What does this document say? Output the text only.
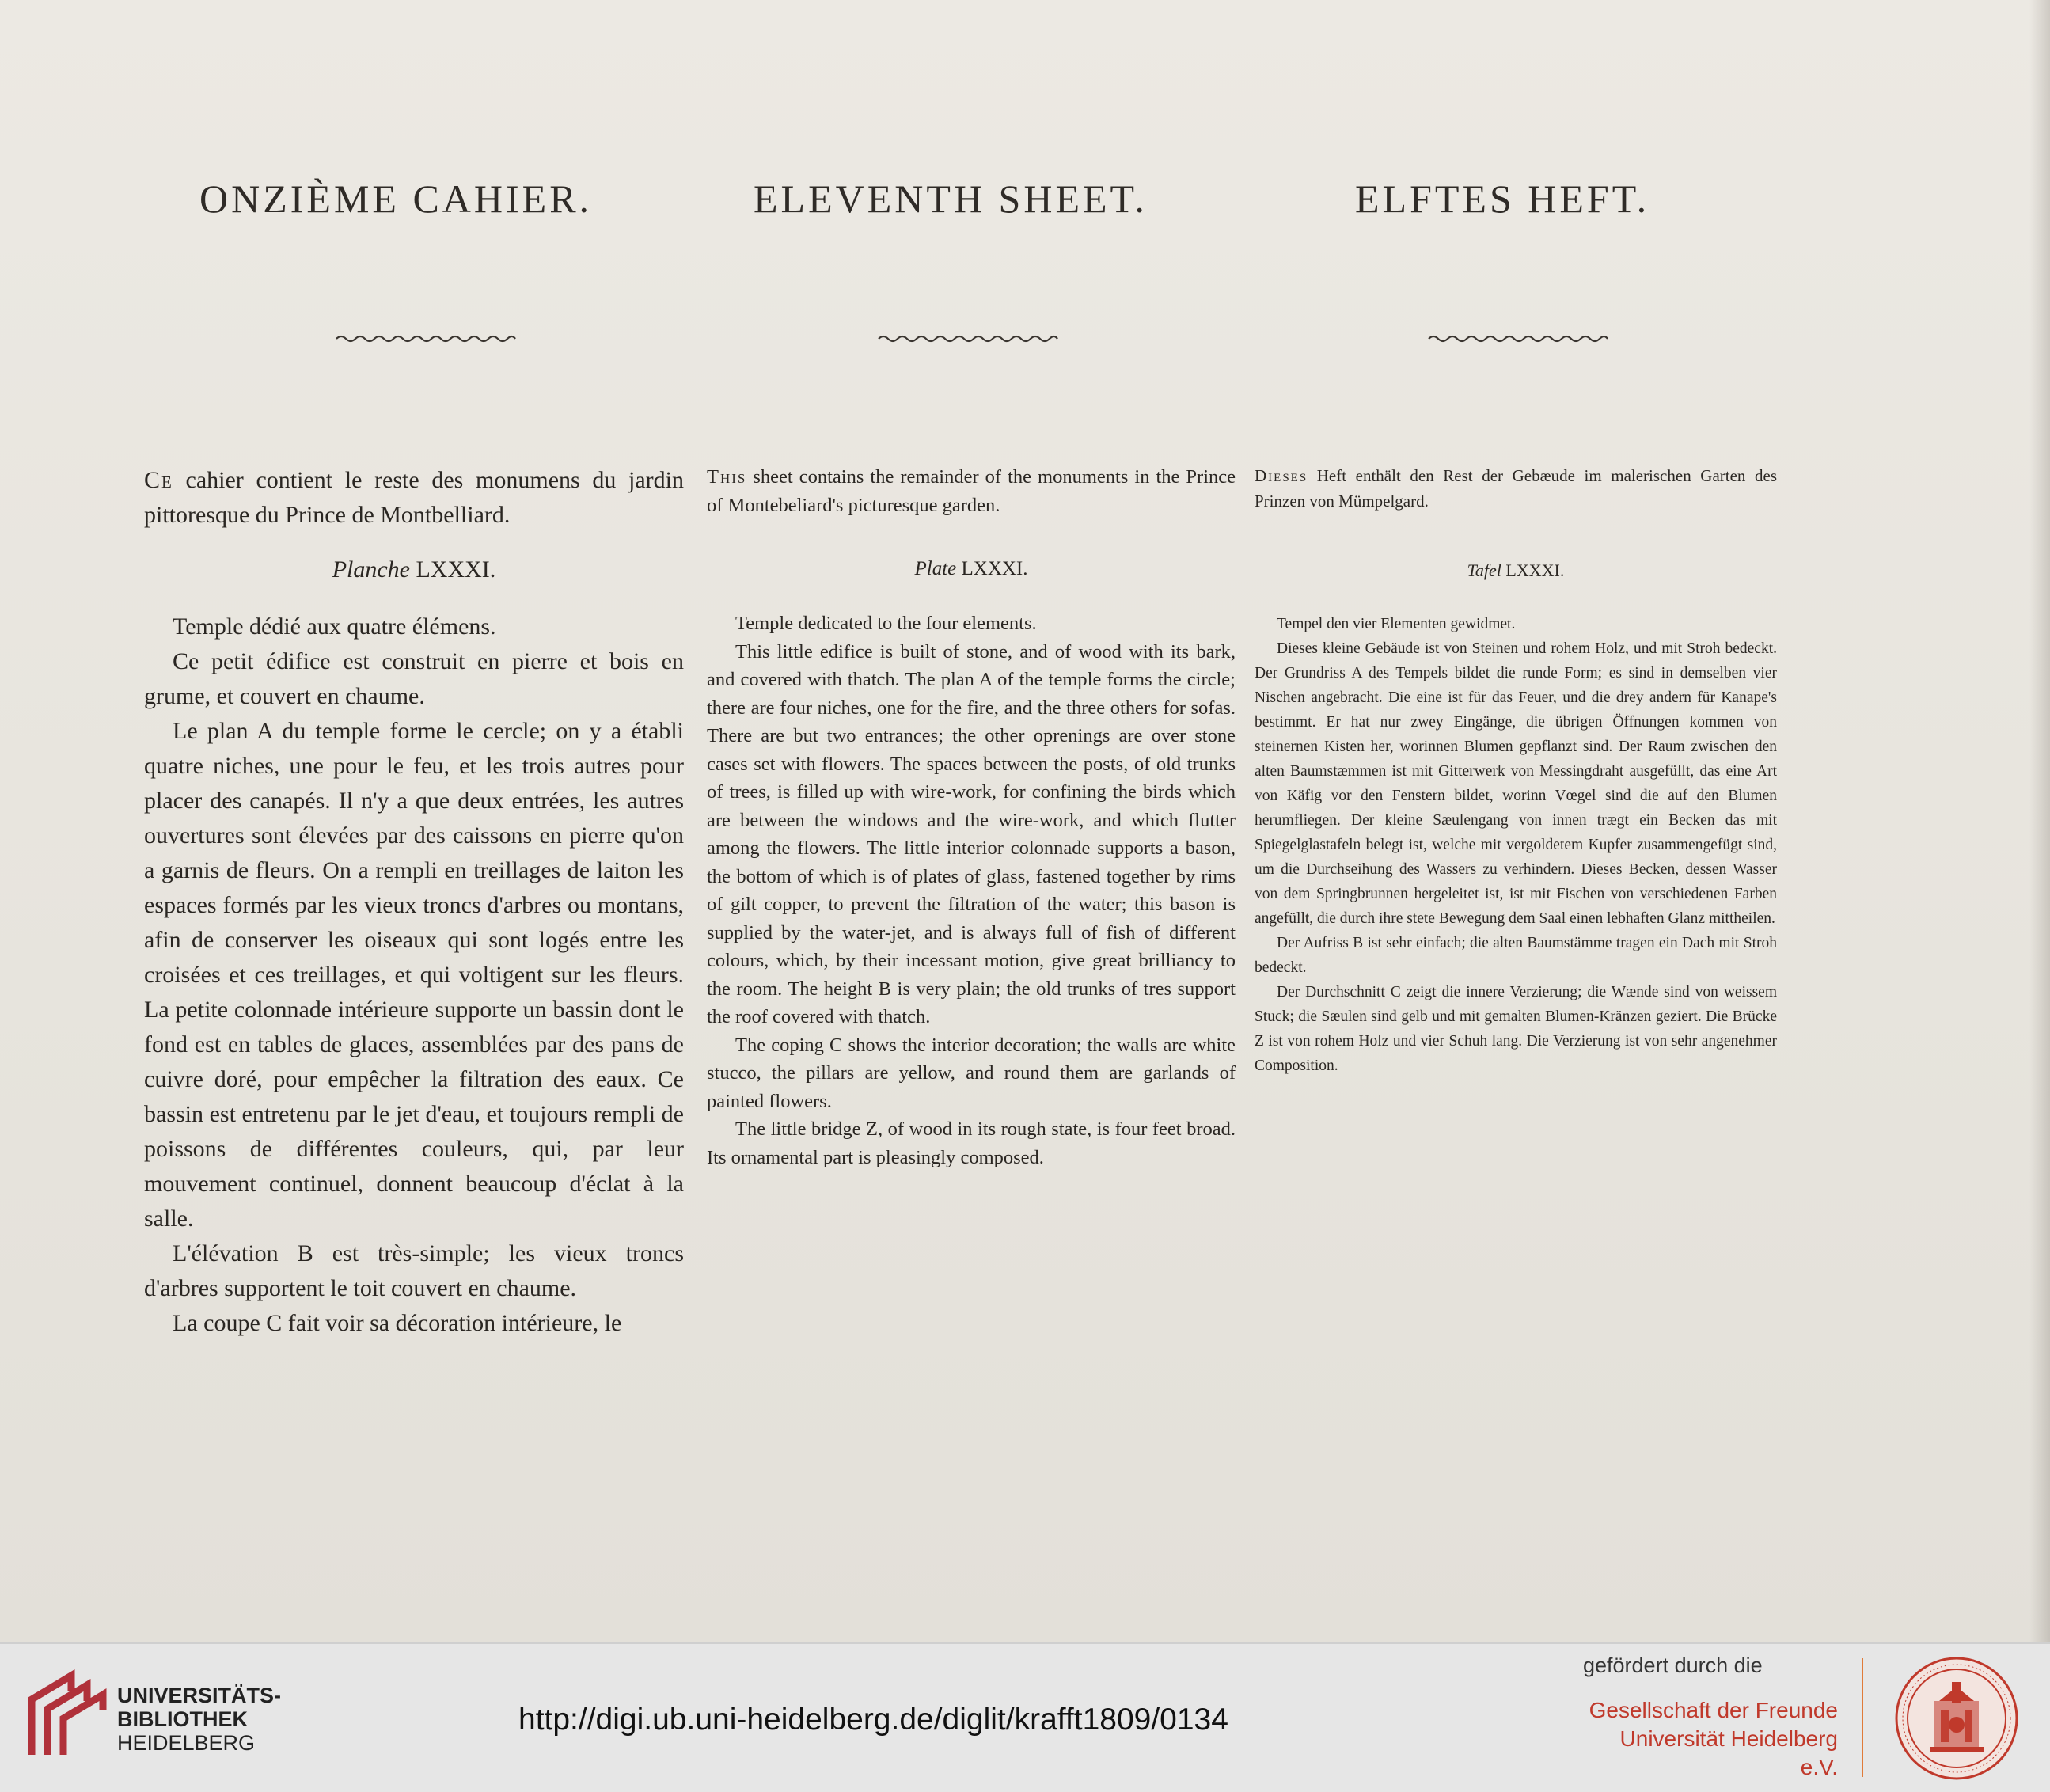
ONZIÈME CAHIER.

Ce cahier contient le reste des monumens du jardin pittoresque du Prince de Montbelliard.

Planche LXXXI.

Temple dédié aux quatre élémens.

Ce petit édifice est construit en pierre et bois en grume, et couvert en chaume.

Le plan A du temple forme le cercle; on y a établi quatre niches, une pour le feu, et les trois autres pour placer des canapés. Il n'y a que deux entrées, les autres ouvertures sont élevées par des caissons en pierre qu'on a garnis de fleurs. On a rempli en treillages de laiton les espaces formés par les vieux troncs d'arbres ou montans, afin de conserver les oiseaux qui sont logés entre les croisées et ces treillages, et qui voltigent sur les fleurs. La petite colonnade intérieure supporte un bassin dont le fond est en tables de glaces, assemblées par des pans de cuivre doré, pour empêcher la filtration des eaux. Ce bassin est entretenu par le jet d'eau, et toujours rempli de poissons de différentes couleurs, qui, par leur mouvement continuel, donnent beaucoup d'éclat à la salle.

L'élévation B est très-simple; les vieux troncs d'arbres supportent le toit couvert en chaume.

La coupe C fait voir sa décoration intérieure, le

ELEVENTH SHEET.

This sheet contains the remainder of the monuments in the Prince of Montebeliard's picturesque garden.

Plate LXXXI.

Temple dedicated to the four elements.

This little edifice is built of stone, and of wood with its bark, and covered with thatch. The plan A of the temple forms the circle; there are four niches, one for the fire, and the three others for sofas. There are but two entrances; the other oprenings are over stone cases set with flowers. The spaces between the posts, of old trunks of trees, is filled up with wire-work, for confining the birds which are between the windows and the wire-work, and which flutter among the flowers. The little interior colonnade supports a bason, the bottom of which is of plates of glass, fastened together by rims of gilt copper, to prevent the filtration of the water; this bason is supplied by the water-jet, and is always full of fish of different colours, which, by their incessant motion, give great brilliancy to the room. The height B is very plain; the old trunks of tres support the roof covered with thatch.

The coping C shows the interior decoration; the walls are white stucco, the pillars are yellow, and round them are garlands of painted flowers.

The little bridge Z, of wood in its rough state, is four feet broad. Its ornamental part is pleasingly composed.

ELFTES HEFT.

Dieses Heft enthält den Rest der Gebæude im malerischen Garten des Prinzen von Mümpelgard.

Tafel LXXXI.

Tempel den vier Elementen gewidmet.

Dieses kleine Gebäude ist von Steinen und rohem Holz, und mit Stroh bedeckt. Der Grundriss A des Tempels bildet die runde Form; es sind in demselben vier Nischen angebracht. Die eine ist für das Feuer, und die drey andern für Kanape's bestimmt. Er hat nur zwey Eingänge, die übrigen Öffnungen kommen von steinernen Kisten her, worinnen Blumen gepflanzt sind. Der Raum zwischen den alten Baumstæmmen ist mit Gitterwerk von Messingdraht ausgefüllt, das eine Art von Käfig vor den Fenstern bildet, worinn Vœgel sind die auf den Blumen herumfliegen. Der kleine Sæulengang von innen trægt ein Becken das mit Spiegelglastafeln belegt ist, welche mit vergoldetem Kupfer zusammengefügt sind, um die Durchseihung des Wassers zu verhindern. Dieses Becken, dessen Wasser von dem Springbrunnen hergeleitet ist, ist mit Fischen von verschiedenen Farben angefüllt, die durch ihre stete Bewegung dem Saal einen lebhaften Glanz mittheilen.

Der Aufriss B ist sehr einfach; die alten Baumstämme tragen ein Dach mit Stroh bedeckt.

Der Durchschnitt C zeigt die innere Verzierung; die Wænde sind von weissem Stuck; die Sæulen sind gelb und mit gemalten Blumen-Kränzen geziert. Die Brücke Z ist von rohem Holz und vier Schuh lang. Die Verzierung ist von sehr angenehmer Composition.

UNIVERSITÄTS-
BIBLIOTHEK
HEIDELBERG

http://digi.ub.uni-heidelberg.de/diglit/krafft1809/0134
gefördert durch die
Gesellschaft der Freunde
Universität Heidelberg e.V.
